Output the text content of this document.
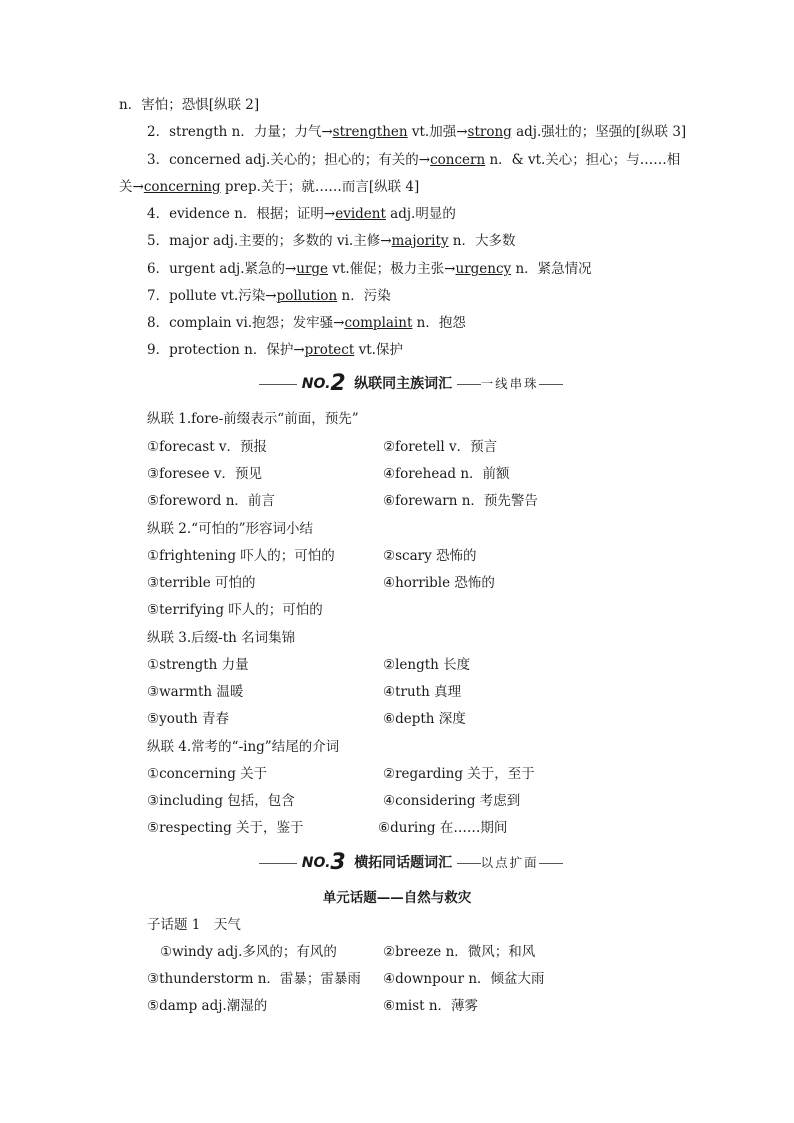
n．害怕；恐惧[纵联 2]
2．strength n．力量；力气→strengthen vt.加强→strong adj.强壮的；坚强的[纵联 3]
3．concerned adj.关心的；担心的；有关的→concern n．& vt.关心；担心；与……相
关→concerning prep.关于；就……而言[纵联 4]
4．evidence n．根据；证明→evident adj.明显的
5．major adj.主要的；多数的 vi.主修→majority n．大多数
6．urgent adj.紧急的→urge vt.催促；极力主张→urgency n．紧急情况
7．pollute vt.污染→pollution n．污染
8．complain vi.抱怨；发牢骚→complaint n．抱怨
9．protection n．保护→protect vt.保护
NO.2 纵联同主族词汇 一线串珠
纵联 1.fore-前缀表示“前面，预先”
①forecast v．预报	②foretell v．预言
③foresee v．预见	④forehead n．前额
⑤foreword n．前言	⑥forewarn n．预先警告
纵联 2.“可怕的”形容词小结
①frightening 吓人的；可怕的	②scary 恐怖的
③terrible 可怕的	④horrible 恐怖的
⑤terrifying 吓人的；可怕的
纵联 3.后缀-th 名词集锦
①strength 力量	②length 长度
③warmth 温暖	④truth 真理
⑤youth 青春	⑥depth 深度
纵联 4.常考的“-ing”结尾的介词
①concerning 关于	②regarding 关于，至于
③including 包括，包含	④considering 考虑到
⑤respecting 关于，鉴于	⑥during 在……期间
NO.3 横拓同话题词汇 以点扩面
单元话题——自然与救灾
子话题 1　天气
①windy adj.多风的；有风的	②breeze n．微风；和风
③thunderstorm n．雷暴；雷暴雨 ④downpour n．倾盆大雨
⑤damp adj.潮湿的	⑥mist n．薄雾
